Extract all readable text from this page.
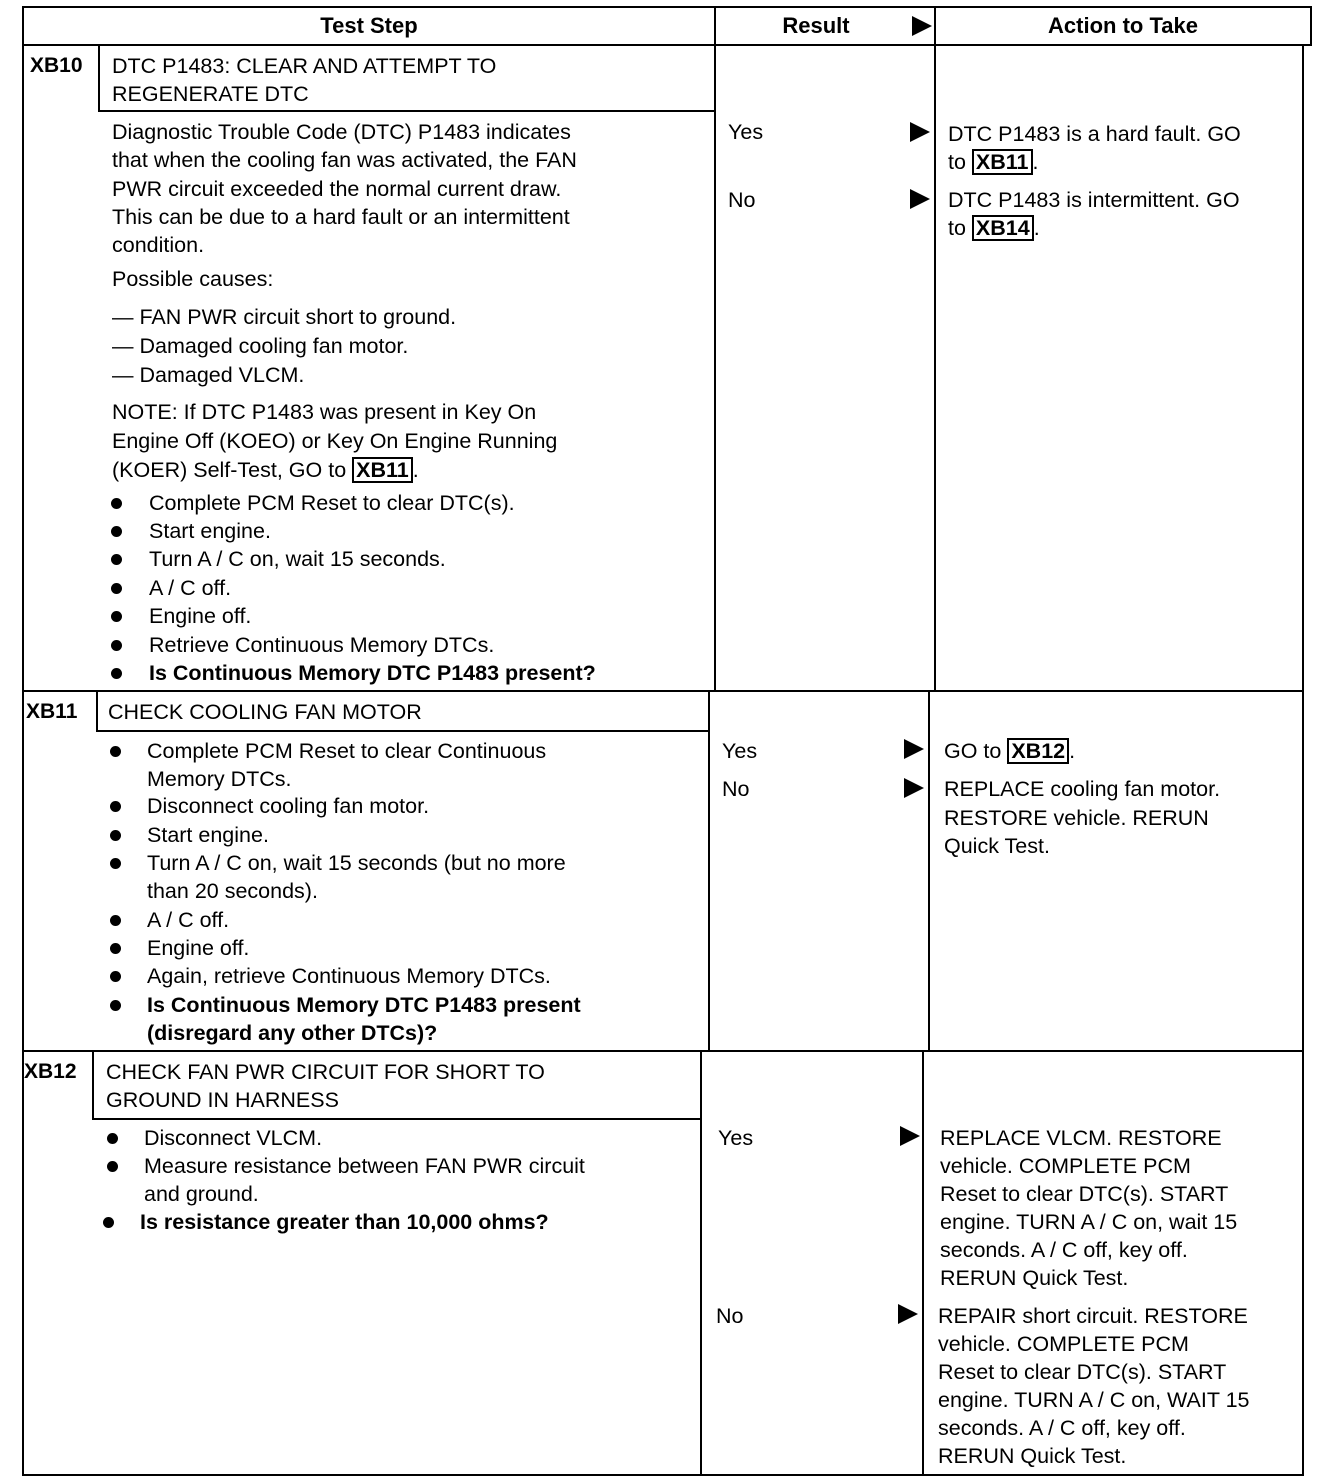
Test Step	Result	Action to Take
XB10 DTC P1483: CLEAR AND ATTEMPT TO
REGENERATE DTC
Diagnostic Trouble Code (DTC) P1483 indicates
that when the cooling fan was activated, the FAN
PWR circuit exceeded the normal current draw.
This can be due to a hard fault or an intermittent
condition.
Possible causes:
— FAN PWR circuit short to ground.
— Damaged cooling fan motor.
— Damaged VLCM.
NOTE: If DTC P1483 was present in Key On
Engine Off (KOEO) or Key On Engine Running
(KOER) Self-Test, GO to XB11 .
Complete PCM Reset to clear DTC(s).
Start engine.
Turn A / C on, wait 15 seconds.
A / C off.
Engine off.
Retrieve Continuous Memory DTCs.
Is Continuous Memory DTC P1483 present?
Yes	DTC P1483 is a hard fault. GO
to XB11 .
No	DTC P1483 is intermittent. GO
to XB14 .
XB11 CHECK COOLING FAN MOTOR
Complete PCM Reset to clear Continuous
Memory DTCs.
Disconnect cooling fan motor.
Start engine.
Turn A / C on, wait 15 seconds (but no more
than 20 seconds).
A / C off.
Engine off.
Again, retrieve Continuous Memory DTCs.
Is Continuous Memory DTC P1483 present
(disregard any other DTCs)?
Yes	GO to XB12 .
No	REPLACE cooling fan motor.
RESTORE vehicle. RERUN
Quick Test.
XB12 CHECK FAN PWR CIRCUIT FOR SHORT TO
GROUND IN HARNESS
Disconnect VLCM.
Measure resistance between FAN PWR circuit
and ground.
Is resistance greater than 10,000 ohms?
Yes	REPLACE VLCM. RESTORE
vehicle. COMPLETE PCM
Reset to clear DTC(s). START
engine. TURN A / C on, wait 15
seconds. A / C off, key off.
RERUN Quick Test.
No	REPAIR short circuit. RESTORE
vehicle. COMPLETE PCM
Reset to clear DTC(s). START
engine. TURN A / C on, WAIT 15
seconds. A / C off, key off.
RERUN Quick Test.
